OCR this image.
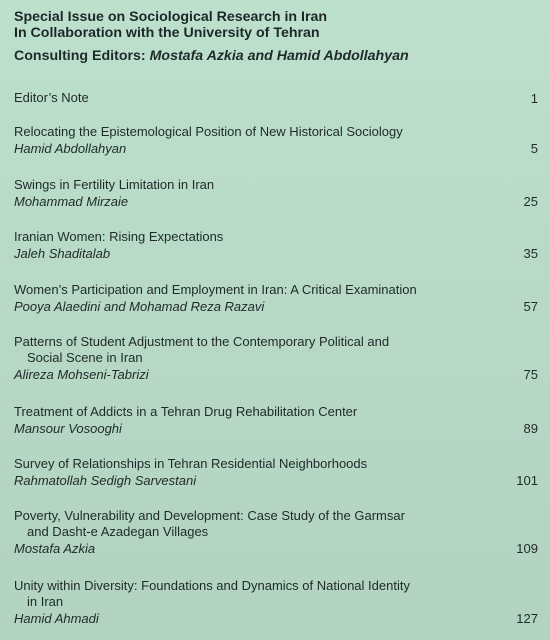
Special Issue on Sociological Research in Iran
In Collaboration with the University of Tehran
Consulting Editors: Mostafa Azkia and Hamid Abdollahyan
Editor’s Note	1
Relocating the Epistemological Position of New Historical Sociology
Hamid Abdollahyan	5
Swings in Fertility Limitation in Iran
Mohammad Mirzaie	25
Iranian Women: Rising Expectations
Jaleh Shaditalab	35
Women’s Participation and Employment in Iran: A Critical Examination
Pooya Alaedini and Mohamad Reza Razavi	57
Patterns of Student Adjustment to the Contemporary Political and
Social Scene in Iran
Alireza Mohseni-Tabrizi	75
Treatment of Addicts in a Tehran Drug Rehabilitation Center
Mansour Vosooghi	89
Survey of Relationships in Tehran Residential Neighborhoods
Rahmatollah Sedigh Sarvestani	101
Poverty, Vulnerability and Development: Case Study of the Garmsar
and Dasht-e Azadegan Villages
Mostafa Azkia	109
Unity within Diversity: Foundations and Dynamics of National Identity
in Iran
Hamid Ahmadi	127
